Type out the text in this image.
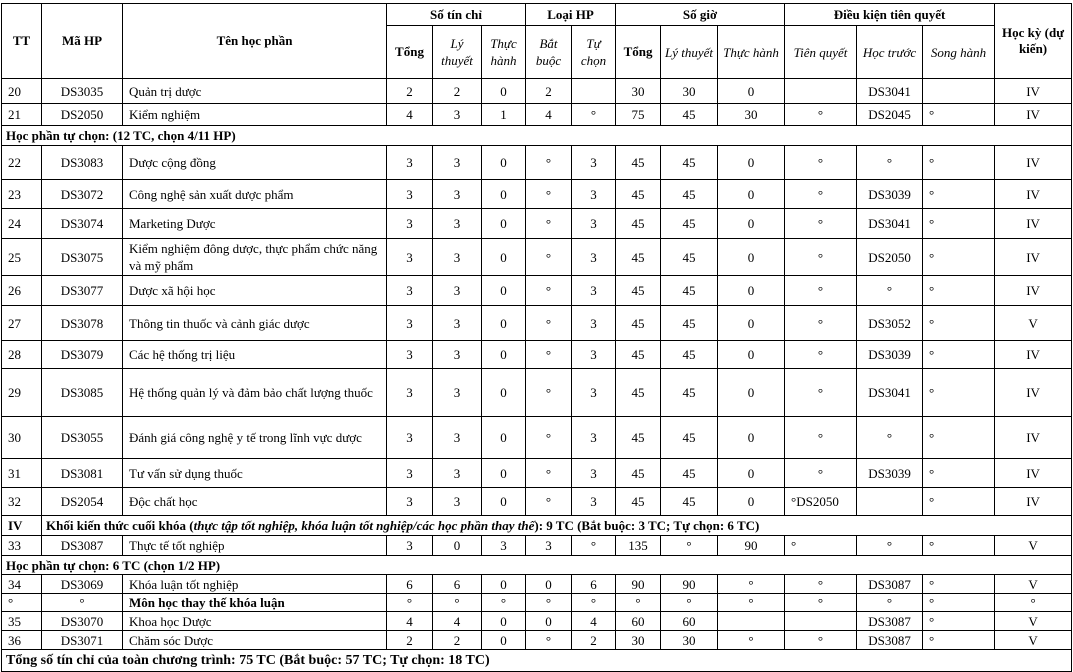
TT	Mã HP	Tên học phần	Số tín chỉ			Loại HP		Số giờ			Điều kiện tiên quyết			Học kỳ (dự kiến)
			Tổng	Lý thuyết	Thực hành	Bắt buộc	Tự chọn	Tổng	Lý thuyết	Thực hành	Tiên quyết	Học trước	Song hành	
20	DS3035	Quản trị dược	2	2	0	2		30	30	0		DS3041		IV
21	DS2050	Kiểm nghiệm	4	3	1	4	°	75	45	30	°	DS2045	°	IV
Học phần tự chọn: (12 TC, chọn 4/11 HP)														
22	DS3083	Dược cộng đồng	3	3	0	°	3	45	45	0	°	°	°	IV
23	DS3072	Công nghệ sản xuất dược phẩm	3	3	0	°	3	45	45	0	°	DS3039	°	IV
24	DS3074	Marketing Dược	3	3	0	°	3	45	45	0	°	DS3041	°	IV
25	DS3075	Kiểm nghiệm đông dược, thực phẩm chức năng và mỹ phẩm	3	3	0	°	3	45	45	0	°	DS2050	°	IV
26	DS3077	Dược xã hội học	3	3	0	°	3	45	45	0	°	°	°	IV
27	DS3078	Thông tin thuốc và cảnh giác dược	3	3	0	°	3	45	45	0	°	DS3052	°	V
28	DS3079	Các hệ thống trị liệu	3	3	0	°	3	45	45	0	°	DS3039	°	IV
29	DS3085	Hệ thống quản lý và đảm bảo chất lượng thuốc	3	3	0	°	3	45	45	0	°	DS3041	°	IV
30	DS3055	Đánh giá công nghệ y tế trong lĩnh vực dược	3	3	0	°	3	45	45	0	°	°	°	IV
31	DS3081	Tư vấn sử dụng thuốc	3	3	0	°	3	45	45	0	°	DS3039	°	IV
32	DS2054	Độc chất học	3	3	0	°	3	45	45	0	°DS2050		°	IV
IV	Khối kiến thức cuối khóa (thực tập tốt nghiệp, khóa luận tốt nghiệp/các học phần thay thế): 9 TC (Bắt buộc: 3 TC; Tự chọn: 6 TC)													
33	DS3087	Thực tế tốt nghiệp	3	0	3	3	°	135	°	90	°	°	°	V
Học phần tự chọn: 6 TC (chọn 1/2 HP)														
34	DS3069	Khóa luận tốt nghiệp	6	6	0	0	6	90	90	°	°	DS3087	°	V
°	°	Môn học thay thế khóa luận	°	°	°	°	°	°	°	°	°	°	°	°
35	DS3070	Khoa học Dược	4	4	0	0	4	60	60			DS3087	°	V
36	DS3071	Chăm sóc Dược	2	2	0	°	2	30	30	°	°	DS3087	°	V
Tổng số tín chỉ của toàn chương trình: 75 TC (Bắt buộc: 57 TC; Tự chọn: 18 TC)														
